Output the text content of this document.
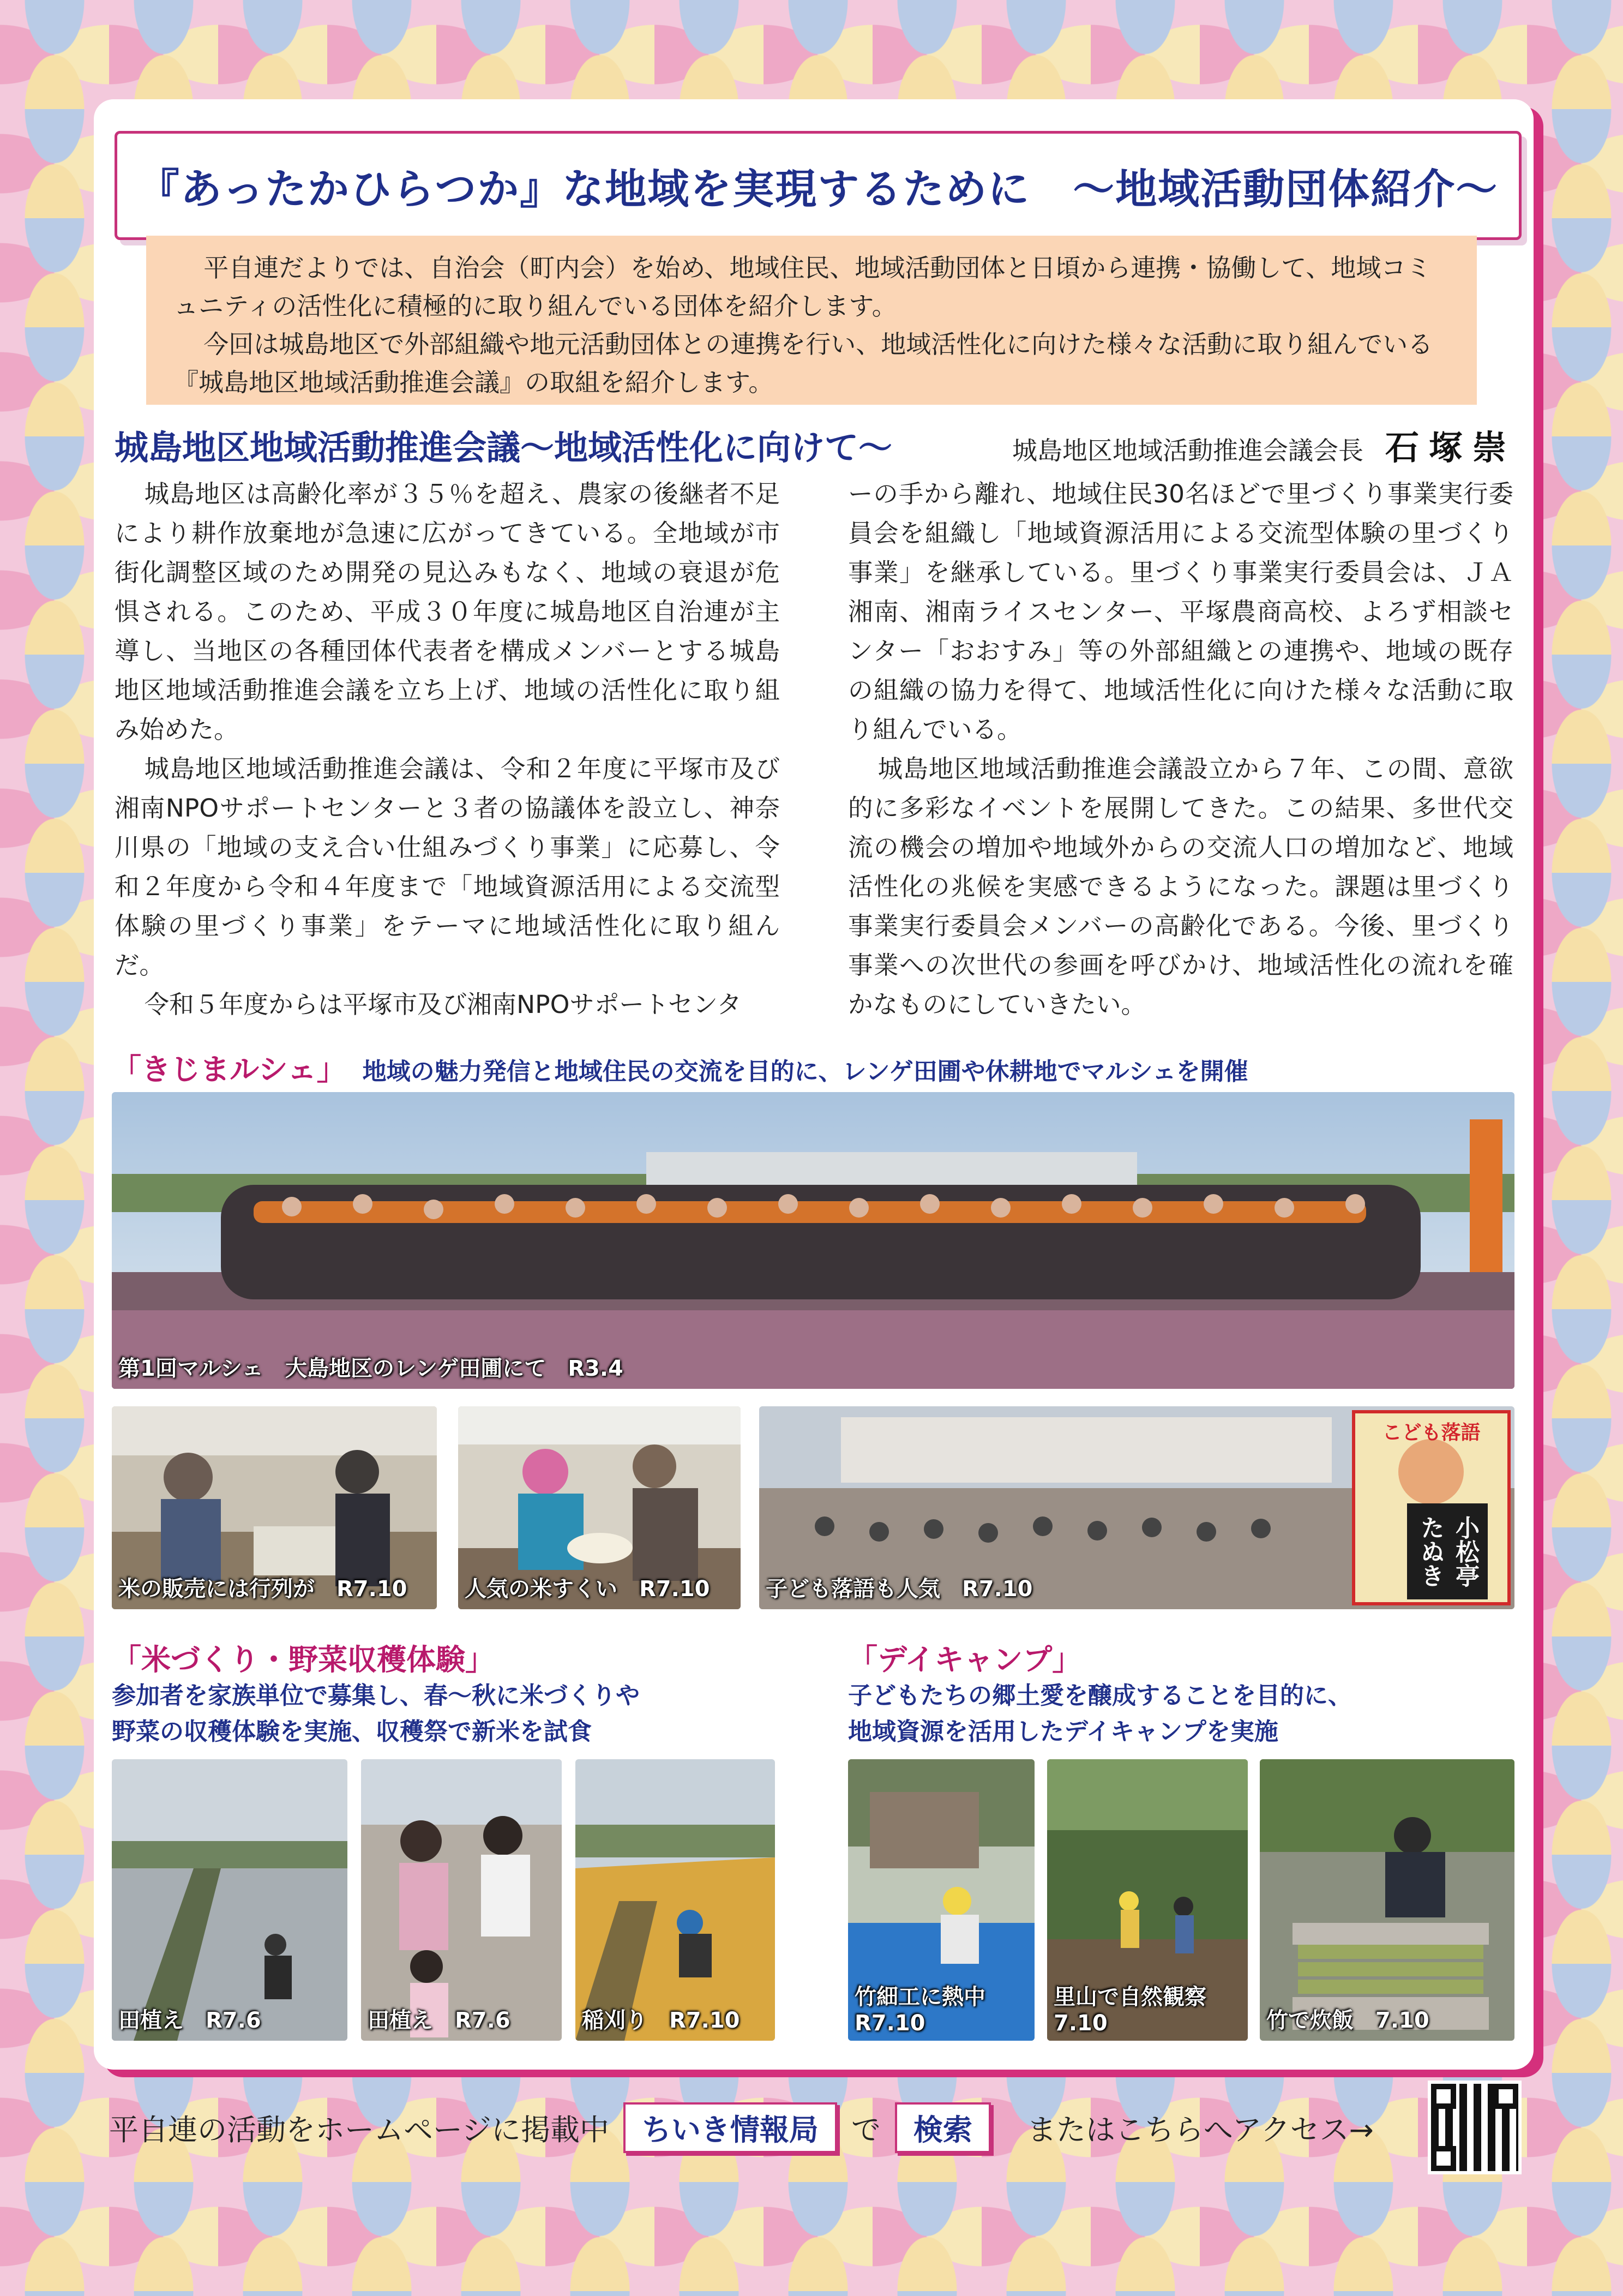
『あったかひらつか』な地域を実現するために　～地域活動団体紹介～

平自連だよりでは、自治会（町内会）を始め、地域住民、地域活動団体と日頃から連携・協働して、地域コミュニティの活性化に積極的に取り組んでいる団体を紹介します。

今回は城島地区で外部組織や地元活動団体との連携を行い、地域活性化に向けた様々な活動に取り組んでいる『城島地区地域活動推進会議』の取組を紹介します。

城島地区地域活動推進会議～地域活性化に向けて～	城島地区地域活動推進会議会長 石塚崇

城島地区は高齢化率が３５％を超え、農家の後継者不足により耕作放棄地が急速に広がってきている。全地域が市街化調整区域のため開発の見込みもなく、地域の衰退が危惧される。このため、平成３０年度に城島地区自治連が主導し、当地区の各種団体代表者を構成メンバーとする城島地区地域活動推進会議を立ち上げ、地域の活性化に取り組み始めた。

城島地区地域活動推進会議は、令和２年度に平塚市及び湘南NPOサポートセンターと３者の協議体を設立し、神奈川県の「地域の支え合い仕組みづくり事業」に応募し、令和２年度から令和４年度まで「地域資源活用による交流型体験の里づくり事業」をテーマに地域活性化に取り組んだ。

令和５年度からは平塚市及び湘南NPOサポートセンタ

ーの手から離れ、地域住民30名ほどで里づくり事業実行委員会を組織し「地域資源活用による交流型体験の里づくり事業」を継承している。里づくり事業実行委員会は、ＪＡ湘南、湘南ライスセンター、平塚農商高校、よろず相談センター「おおすみ」等の外部組織との連携や、地域の既存の組織の協力を得て、地域活性化に向けた様々な活動に取り組んでいる。

城島地区地域活動推進会議設立から７年、この間、意欲的に多彩なイベントを展開してきた。この結果、多世代交流の機会の増加や地域外からの交流人口の増加など、地域活性化の兆候を実感できるようになった。課題は里づくり事業実行委員会メンバーの高齢化である。今後、里づくり事業への次世代の参画を呼びかけ、地域活性化の流れを確かなものにしていきたい。

「きじまルシェ」 地域の魅力発信と地域住民の交流を目的に、レンゲ田圃や休耕地でマルシェを開催
第1回マルシェ　大島地区のレンゲ田圃にて　R3.4
米の販売には行列が　R7.10	人気の米すくい　R7.10
こども落語
小松亭たぬき
子ども落語も人気　R7.10
「米づくり・野菜収穫体験」
参加者を家族単位で募集し、春～秋に米づくりや
野菜の収穫体験を実施、収穫祭で新米を試食
田植え　R7.6	田植え　R7.6	稲刈り　R7.10
「デイキャンプ」
子どもたちの郷土愛を醸成することを目的に、
地域資源を活用したデイキャンプを実施
竹細工に熱中
R7.10
里山で自然観察
7.10	竹で炊飯　7.10
平自連の活動をホームページに掲載中	ちいき情報局	で	検索	またはこちらへアクセス→
